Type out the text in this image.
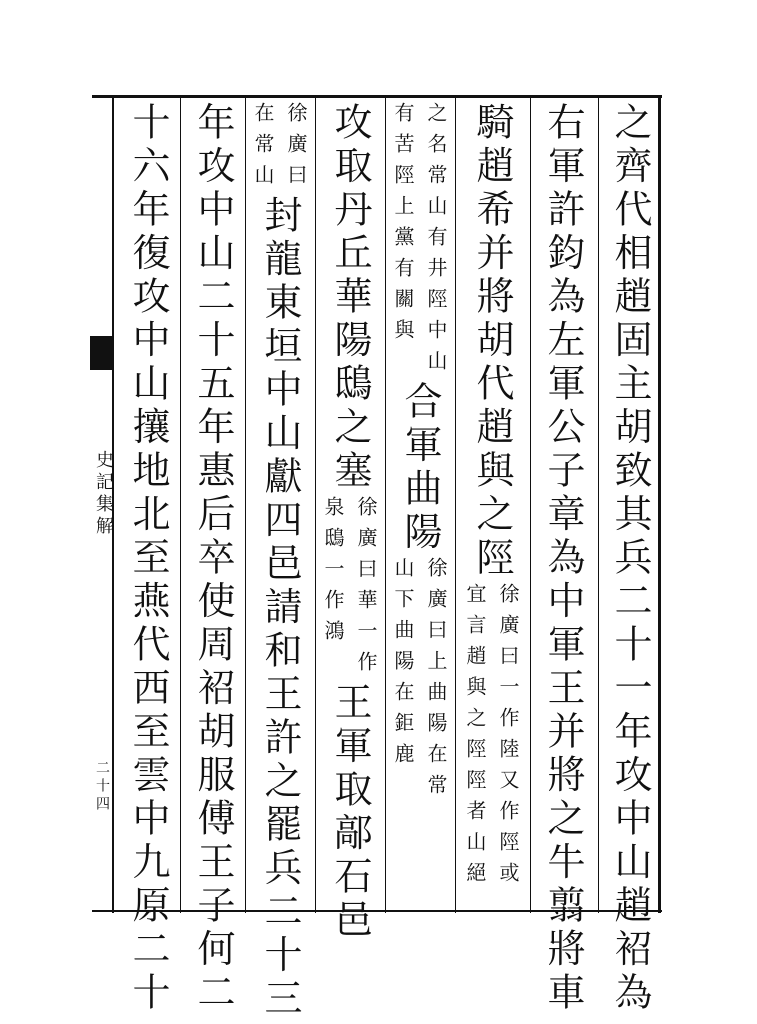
史記集解
二十四	之齊代相趙固主胡致其兵二十一年攻中山趙袑為
右軍許鈞為左軍公子章為中軍王并將之牛翦將車
騎趙希并將胡代趙與之陘
徐廣曰一作陸又作陘或
宜言趙與之陘陘者山絕
之名常山有井陘中山
有苦陘上黨有關與
合軍曲陽
徐廣曰上曲陽在常
山下曲陽在鉅鹿
攻取丹丘華陽鴟之塞
徐廣曰華一作
泉鴟一作鴻
王軍取鄗石邑
徐廣曰
在常山
封龍東垣中山獻四邑請和王許之罷兵二十三
年攻中山二十五年惠后卒使周袑胡服傅王子何二
十六年復攻中山攘地北至燕代西至雲中九原二十
